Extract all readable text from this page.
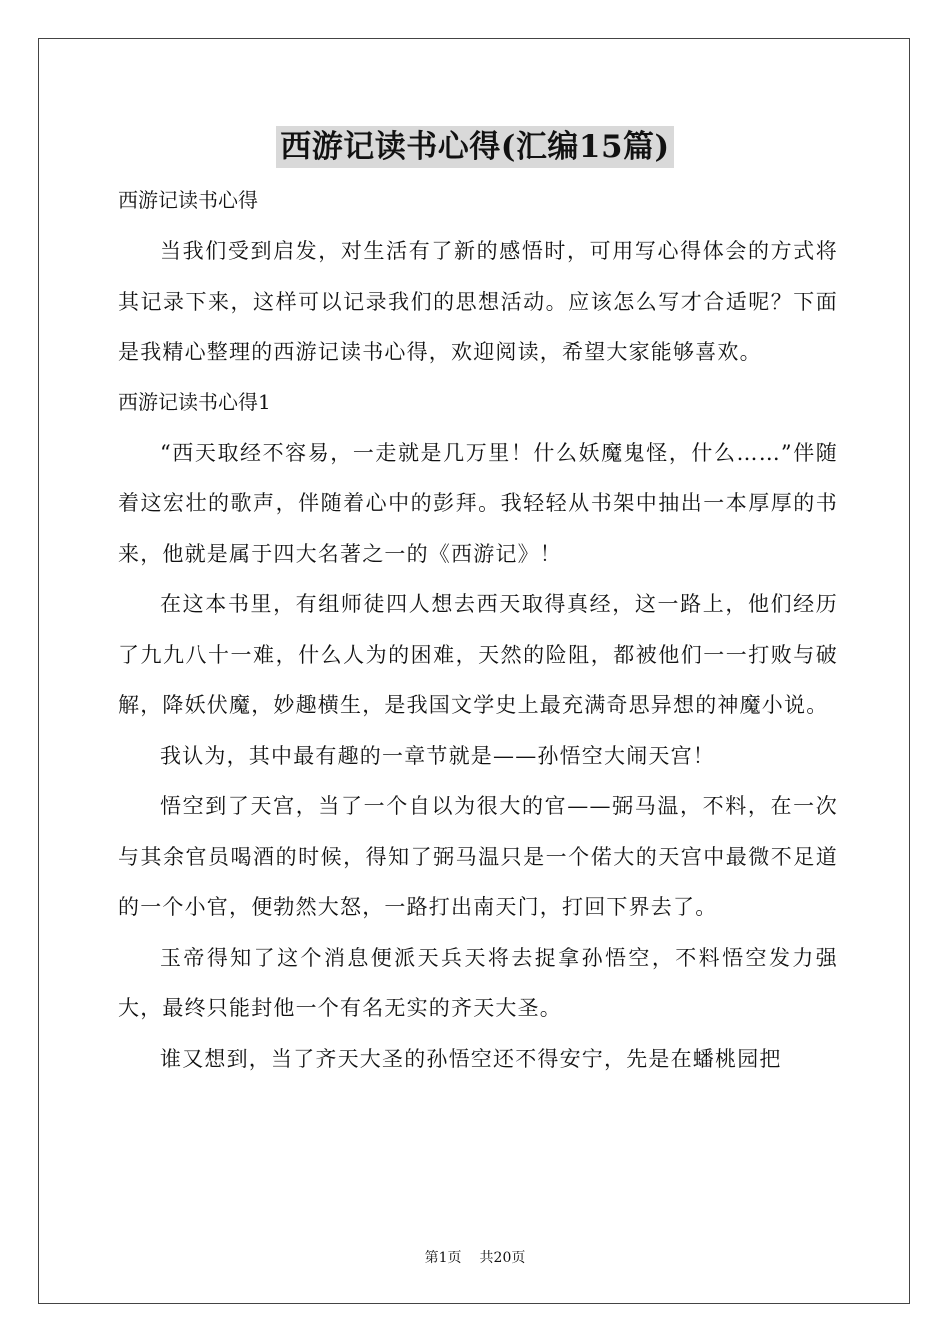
西游记读书心得(汇编15篇)
西游记读书心得

当我们受到启发，对生活有了新的感悟时，可用写心得体会的方式将其记录下来，这样可以记录我们的思想活动。应该怎么写才合适呢？下面是我精心整理的西游记读书心得，欢迎阅读，希望大家能够喜欢。

西游记读书心得1

“西天取经不容易，一走就是几万里！什么妖魔鬼怪，什么……”伴随着这宏壮的歌声，伴随着心中的彭拜。我轻轻从书架中抽出一本厚厚的书来，他就是属于四大名著之一的《西游记》！

在这本书里，有组师徒四人想去西天取得真经，这一路上，他们经历了九九八十一难，什么人为的困难，天然的险阻，都被他们一一打败与破解，降妖伏魔，妙趣横生，是我国文学史上最充满奇思异想的神魔小说。

我认为，其中最有趣的一章节就是——孙悟空大闹天宫！

悟空到了天宫，当了一个自以为很大的官——弼马温，不料，在一次与其余官员喝酒的时候，得知了弼马温只是一个偌大的天宫中最微不足道的一个小官，便勃然大怒，一路打出南天门，打回下界去了。

玉帝得知了这个消息便派天兵天将去捉拿孙悟空，不料悟空发力强大，最终只能封他一个有名无实的齐天大圣。

谁又想到，当了齐天大圣的孙悟空还不得安宁，先是在蟠桃园把

第1页 共20页
